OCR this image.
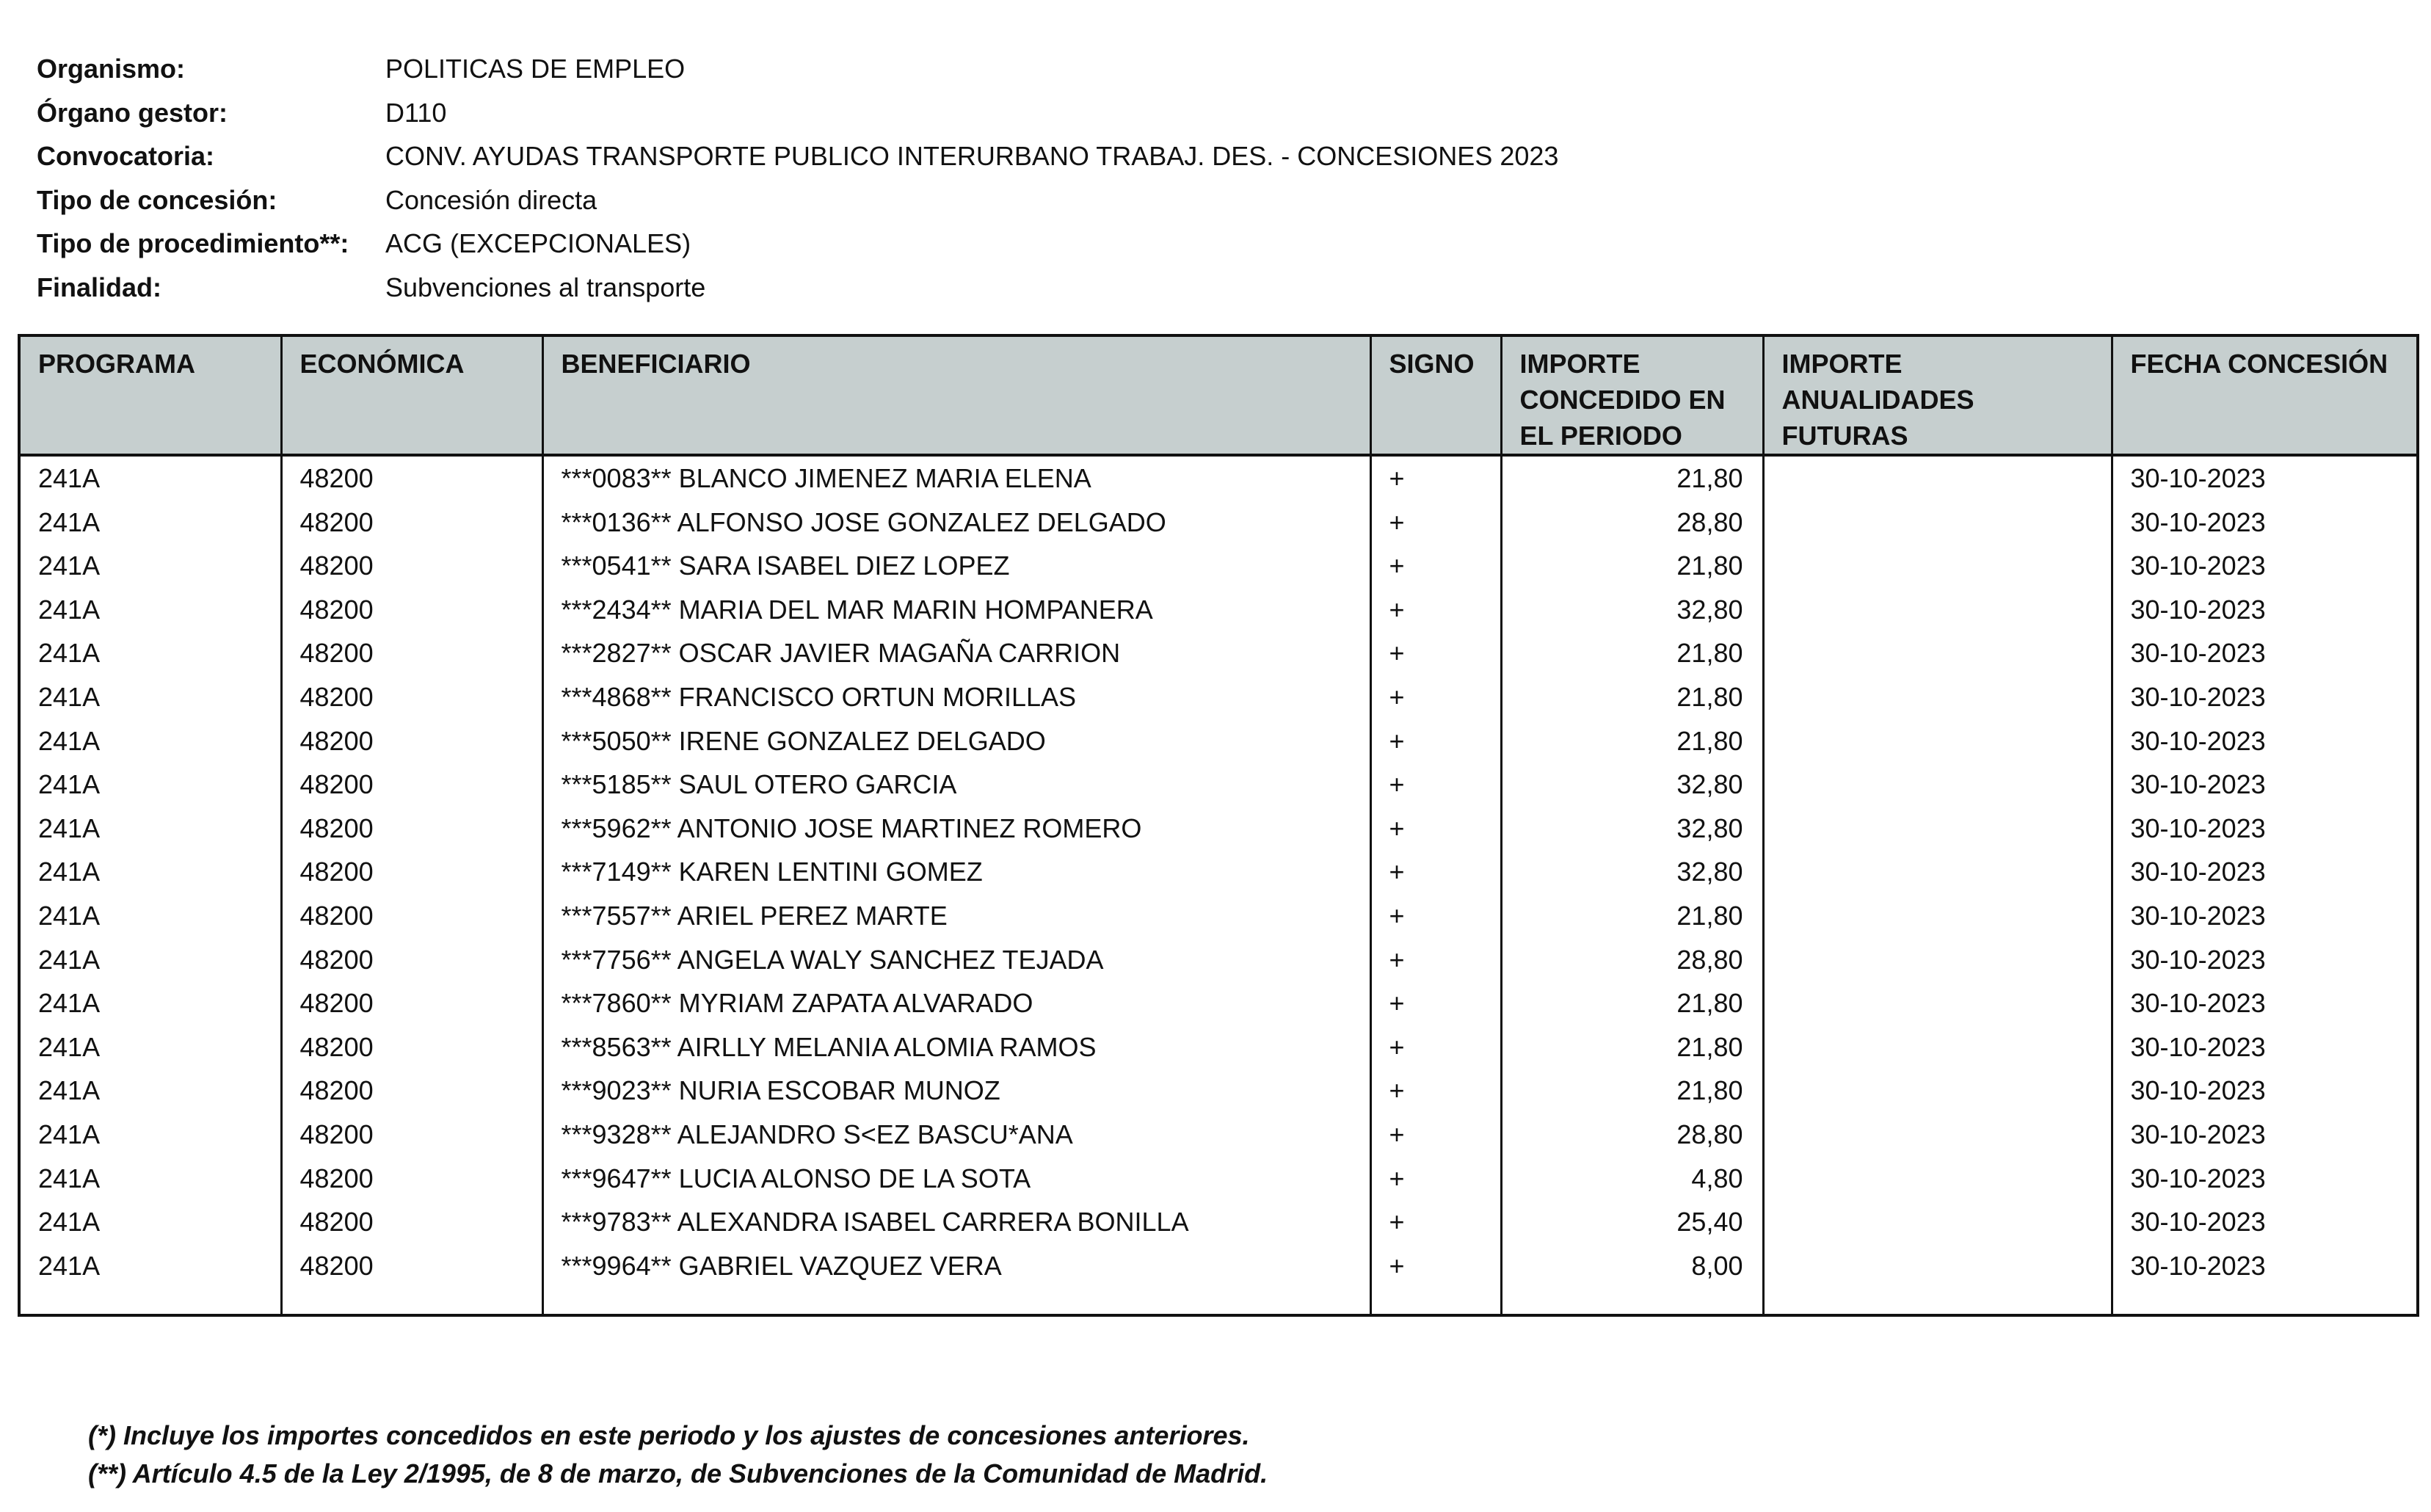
Organismo:	POLITICAS DE EMPLEO
Órgano gestor:	D110
Convocatoria:	CONV. AYUDAS TRANSPORTE PUBLICO INTERURBANO TRABAJ. DES. - CONCESIONES 2023
Tipo de concesión:	Concesión directa
Tipo de procedimiento**:	ACG (EXCEPCIONALES)
Finalidad:	Subvenciones al transporte
PROGRAMA	ECONÓMICA	BENEFICIARIO	SIGNO	IMPORTE CONCEDIDO EN EL PERIODO	IMPORTE ANUALIDADES FUTURAS	FECHA CONCESIÓN
241A	48200	***0083** BLANCO JIMENEZ MARIA ELENA	+	21,80		30-10-2023
241A	48200	***0136** ALFONSO JOSE GONZALEZ DELGADO	+	28,80		30-10-2023
241A	48200	***0541** SARA ISABEL DIEZ LOPEZ	+	21,80		30-10-2023
241A	48200	***2434** MARIA DEL MAR MARIN HOMPANERA	+	32,80		30-10-2023
241A	48200	***2827** OSCAR JAVIER MAGAÑA CARRION	+	21,80		30-10-2023
241A	48200	***4868** FRANCISCO ORTUN MORILLAS	+	21,80		30-10-2023
241A	48200	***5050** IRENE GONZALEZ DELGADO	+	21,80		30-10-2023
241A	48200	***5185** SAUL OTERO GARCIA	+	32,80		30-10-2023
241A	48200	***5962** ANTONIO JOSE MARTINEZ ROMERO	+	32,80		30-10-2023
241A	48200	***7149** KAREN LENTINI GOMEZ	+	32,80		30-10-2023
241A	48200	***7557** ARIEL PEREZ MARTE	+	21,80		30-10-2023
241A	48200	***7756** ANGELA WALY SANCHEZ TEJADA	+	28,80		30-10-2023
241A	48200	***7860** MYRIAM ZAPATA ALVARADO	+	21,80		30-10-2023
241A	48200	***8563** AIRLLY MELANIA ALOMIA RAMOS	+	21,80		30-10-2023
241A	48200	***9023** NURIA ESCOBAR MUNOZ	+	21,80		30-10-2023
241A	48200	***9328** ALEJANDRO S<EZ BASCU*ANA	+	28,80		30-10-2023
241A	48200	***9647** LUCIA ALONSO DE LA SOTA	+	4,80		30-10-2023
241A	48200	***9783** ALEXANDRA ISABEL CARRERA BONILLA	+	25,40		30-10-2023
241A	48200	***9964** GABRIEL VAZQUEZ VERA	+	8,00		30-10-2023

(*) Incluye los importes concedidos en este periodo y los ajustes de concesiones anteriores.
(**) Artículo 4.5 de la Ley 2/1995, de 8 de marzo, de Subvenciones de la Comunidad de Madrid.
